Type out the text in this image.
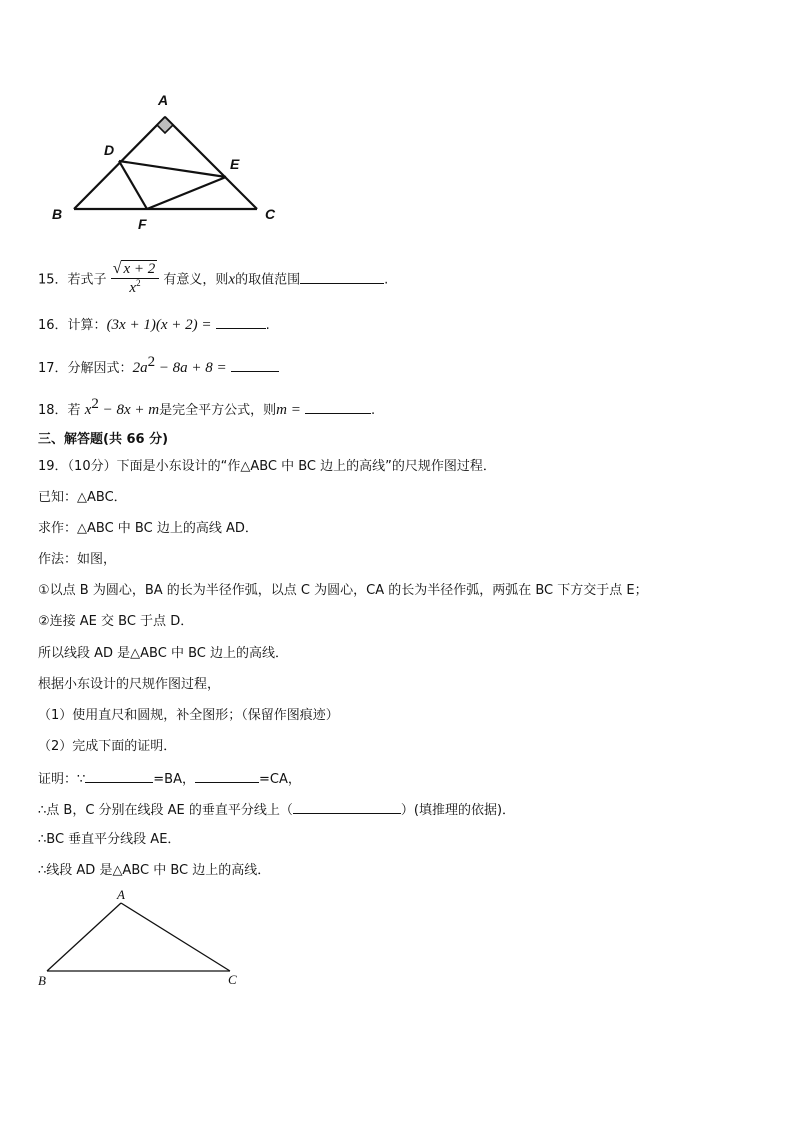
A
D
E
B
F
C
15．若式子 $\frac{√ x + 2}{x^2}$ 有意义，则x的取值范围	.
16．计算：(3x + 1)(x + 2) =	.
17．分解因式：$2a^2 - 8a + 8$ =
18．若 $x^2 - 8x + m$是完全平方公式，则m =	.
三、解答题(共 66 分)
19．（10分）下面是小东设计的“作△ABC 中 BC 边上的高线”的尺规作图过程．
已知：△ABC．
求作：△ABC 中 BC 边上的高线 AD．
作法：如图，
①以点 B 为圆心，BA 的长为半径作弧，以点 C 为圆心，CA 的长为半径作弧，两弧在 BC 下方交于点 E；
②连接 AE 交 BC 于点 D．
所以线段 AD 是△ABC 中 BC 边上的高线．
根据小东设计的尺规作图过程，
（1）使用直尺和圆规，补全图形；（保留作图痕迹）
（2）完成下面的证明．
证明：∵	=BA，	=CA，
∴点 B，C 分别在线段 AE 的垂直平分线上（	）(填推理的依据)．
∴BC 垂直平分线段 AE．
∴线段 AD 是△ABC 中 BC 边上的高线．
A
B	C
